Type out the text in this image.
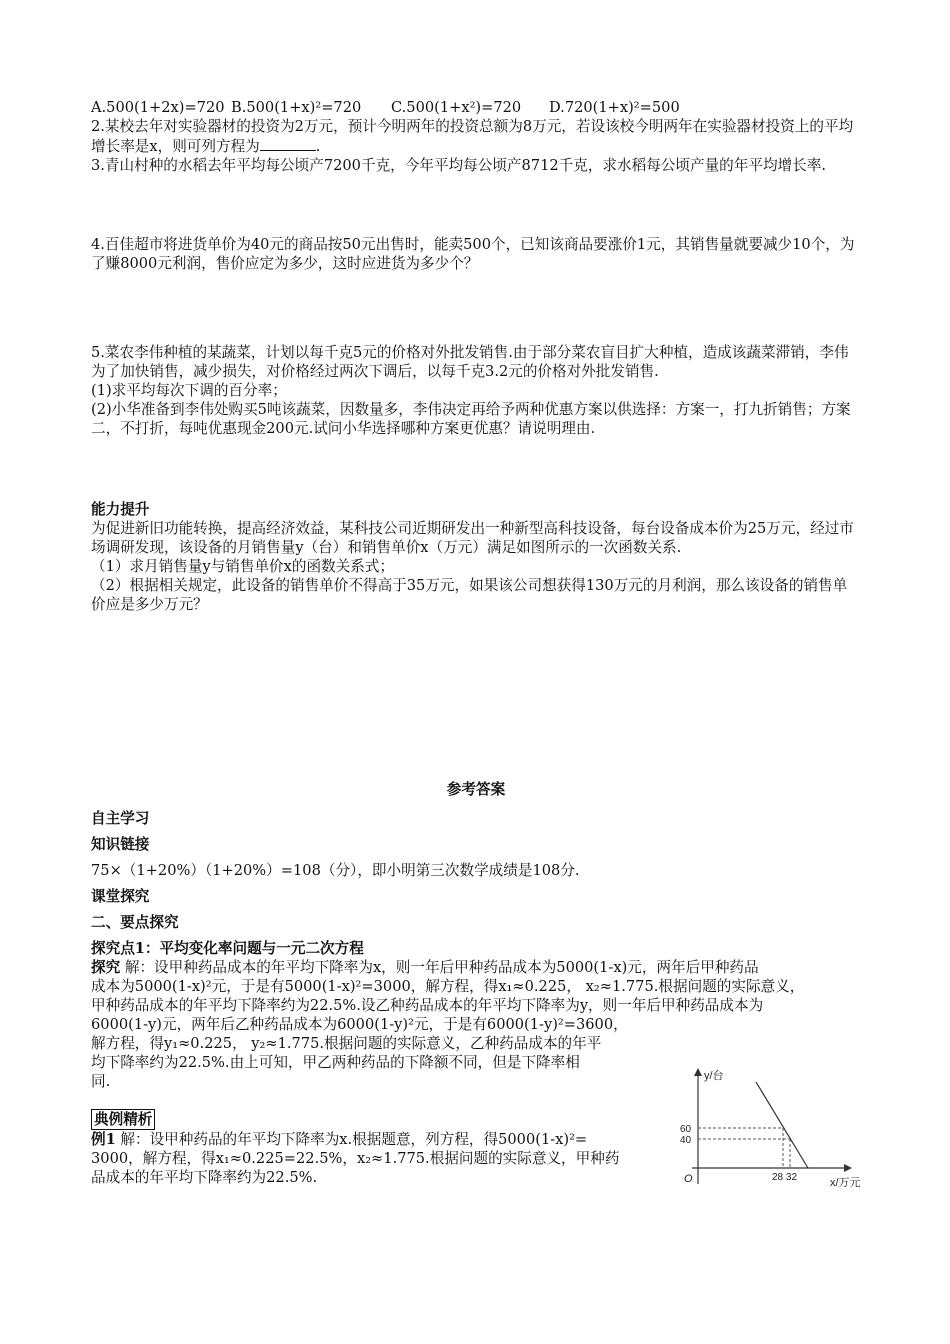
A.500(1+2x)=720 B.500(1+x)²=720 C.500(1+x²)=720 D.720(1+x)²=500

2.某校去年对实验器材的投资为2万元，预计今明两年的投资总额为8万元，若设该校今明两年在实验器材投资上的平均增长率是x，则可列方程为	.

3.青山村种的水稻去年平均每公顷产7200千克，今年平均每公顷产8712千克，求水稻每公顷产量的年平均增长率.

4.百佳超市将进货单价为40元的商品按50元出售时，能卖500个，已知该商品要涨价1元，其销售量就要减少10个，为了赚8000元利润，售价应定为多少，这时应进货为多少个？

5.菜农李伟种植的某蔬菜，计划以每千克5元的价格对外批发销售.由于部分菜农盲目扩大种植，造成该蔬菜滞销，李伟为了加快销售，减少损失，对价格经过两次下调后，以每千克3.2元的价格对外批发销售.

(1)求平均每次下调的百分率；

(2)小华准备到李伟处购买5吨该蔬菜，因数量多，李伟决定再给予两种优惠方案以供选择：方案一，打九折销售；方案二，不打折，每吨优惠现金200元.试问小华选择哪种方案更优惠？请说明理由.

能力提升

为促进新旧功能转换，提高经济效益，某科技公司近期研发出一种新型高科技设备，每台设备成本价为25万元，经过市场调研发现，该设备的月销售量y（台）和销售单价x（万元）满足如图所示的一次函数关系.

（1）求月销售量y与销售单价x的函数关系式；

（2）根据相关规定，此设备的销售单价不得高于35万元，如果该公司想获得130万元的月利润，那么该设备的销售单价应是多少万元？

参考答案

自主学习
知识链接

75×（1+20%）（1+20%）=108（分），即小明第三次数学成绩是108分.

课堂探究
二、要点探究
探究点1：平均变化率问题与一元二次方程

探究 解：设甲种药品成本的年平均下降率为x，则一年后甲种药品成本为5000(1-x)元，两年后甲种药品

成本为5000(1-x)²元，于是有5000(1-x)²=3000，解方程，得x₁≈0.225， x₂≈1.775.根据问题的实际意义，

甲种药品成本的年平均下降率约为22.5%.设乙种药品成本的年平均下降率为y，则一年后甲种药品成本为

6000(1-y)元，两年后乙种药品成本为6000(1-y)²元，于是有6000(1-y)²=3600，

解方程，得y₁≈0.225， y₂≈1.775.根据问题的实际意义，乙种药品成本的年平

均下降率约为22.5%.由上可知，甲乙两种药品的下降额不同，但是下降率相

同.

典例精析

例1 解：设甲种药品的年平均下降率为x.根据题意，列方程，得5000(1-x)²=

3000，解方程，得x₁≈0.225=22.5%，x₂≈1.775.根据问题的实际意义，甲种药

品成本的年平均下降率约为22.5%.

y/台
x/万元
O
60
40
28 32
